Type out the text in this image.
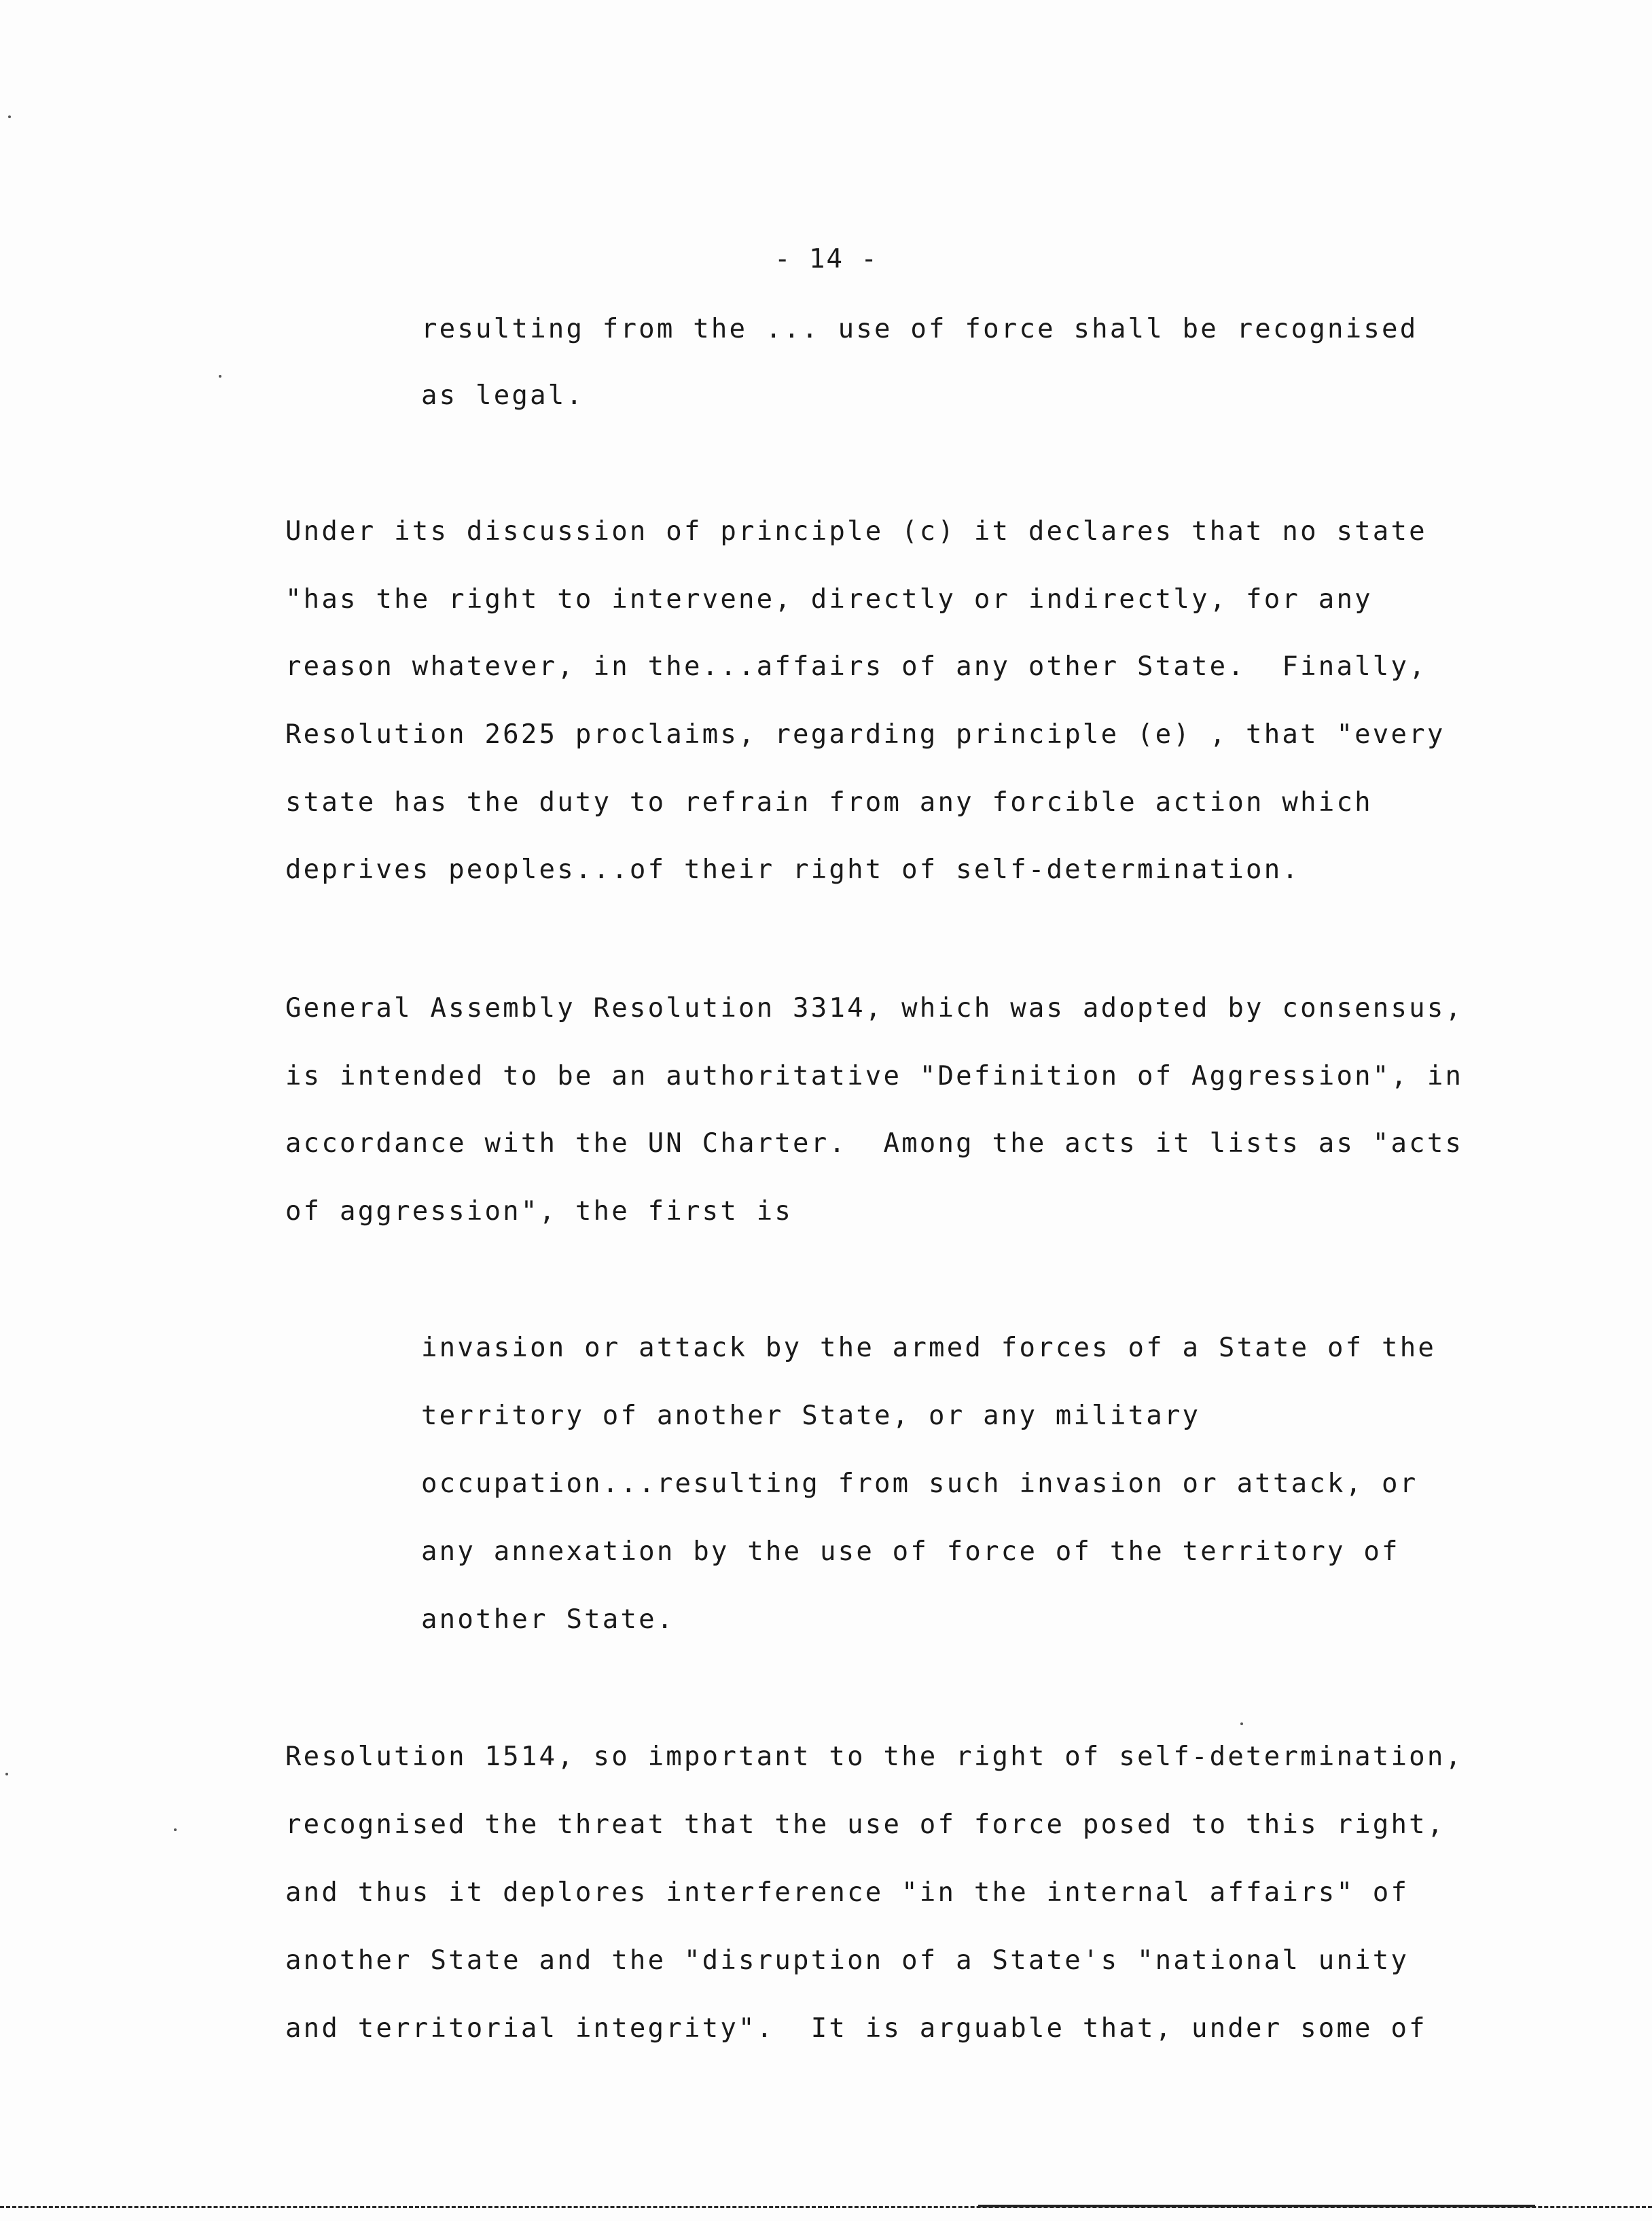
- 14 -
resulting from the ... use of force shall be recognised
as legal.
Under its discussion of principle (c) it declares that no state
"has the right to intervene, directly or indirectly, for any
reason whatever, in the...affairs of any other State.  Finally,
Resolution 2625 proclaims, regarding principle (e) , that "every
state has the duty to refrain from any forcible action which
deprives peoples...of their right of self-determination.
General Assembly Resolution 3314, which was adopted by consensus,
is intended to be an authoritative "Definition of Aggression", in
accordance with the UN Charter.  Among the acts it lists as "acts
of aggression", the first is
invasion or attack by the armed forces of a State of the
territory of another State, or any military
occupation...resulting from such invasion or attack, or
any annexation by the use of force of the territory of
another State.
Resolution 1514, so important to the right of self-determination,
recognised the threat that the use of force posed to this right,
and thus it deplores interference "in the internal affairs" of
another State and the "disruption of a State's "national unity
and territorial integrity".  It is arguable that, under some of
